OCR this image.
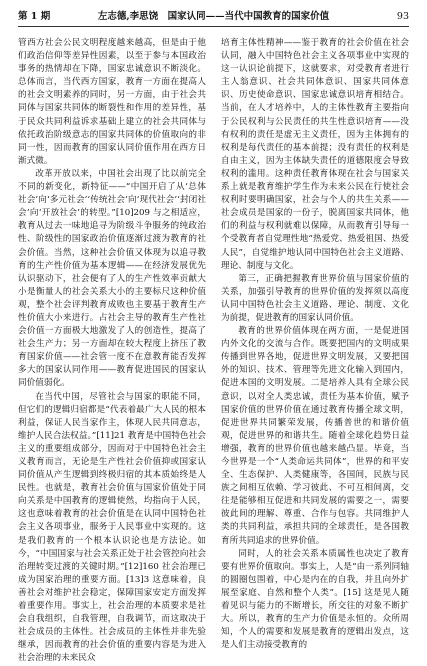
第 1 期	左志德,李思饶　国家认同——当代中国教育的国家价值	93

管西方社会公民文明程度越来越高，但是由于他们政治信仰等差异性因素，以至于参与本国政治事务的热情却在下降，国家忠诚意识不断淡化。总体而言，当代西方国家，教育一方面在提高人的社会文明素养的同时，另一方面，由于社会共同体与国家共同体的断裂性和作用的差异性，基于民众共同利益诉求基础上建立的社会共同体与依托政治阶级意志的国家共同体的价值取向的非同一性，因而教育的国家认同价值作用在西方日渐式微。

改革开放以来，中国社会出现了比以前完全不同的新变化，新特征——“中国开启了从‘总体社会’向‘多元社会’‘传统社会’向‘现代社会’‘封闭社会’向‘开放社会’的转型。”[10]209 与之相适应，教育从过去一味地追寻为阶级斗争服务的纯政治性、阶级性的国家政治价值逐渐过渡为教育的社会价值。当然，这种社会价值又体现为以追寻教育的生产性价值为基本逻辑——在经济发展优先认识驱动下，社会便有了人的生产性效率贡献大小是衡量人的社会关系大小的主要标尺这种价值观，整个社会评判教育成败也主要基于教育生产性价值大小来进行。占社会主导的教育生产性社会价值一方面极大地激发了人的创造性，提高了社会生产力；另一方面却在较大程度上挤压了教育国家价值——社会管一度不在意教育能否发挥多大的国家认同作用——教育促进国民的国家认同价值弱化。

在当代中国，尽管社会与国家的职能不同，但它们的逻辑归宿都是“代表着最广大人民的根本利益，保证人民当家作主，体现人民共同意志，维护人民合法权益。”[11]21 教育是中国特色社会主义的重要组成部分，因而对于中国特色社会主义教育而言，无论是生产性社会价值抑或国家认同价值从产生逻辑到终极归宿的其本质始终是人民性。也就是，教育社会价值与国家价值处于同向关系是中国教育的逻辑使然，均指向于人民，这也意味着教育的社会价值是在认同中国特色社会主义各项事业，服务于人民事业中实现的。这是我们教育的一个根本认识论也是方法论。如今，“中国国家与社会关系正处于社会管控向社会治理转变过渡的关键时期。”[12]160 社会治理已成为国家治理的重要方面。[13]3 这意味着，良善社会对维护社会稳定，保障国家安定方面发挥着重要作用。事实上，社会治理的本质要求是社会自我组织，自我管理，自我调节，而这取决于社会成员的主体性。社会成员的主体性并非先验继承，因而教育的社会价值的重要内容是为进入社会治理的未来民众

培育主体性精神——鉴于教育的社会价值在社会认同，融入中国特色社会主义各项事业中实现的这一认识论前提下，这就要求，对受教育者进行主人翁意识、社会共同体意识、国家共同体意识、历史使命意识、国家忠诚意识培育相结合。当前，在人才培养中，人的主体性教育主要指向于公民权利与公民责任的共生性意识培育——没有权利的责任是虚无主义责任，因为主体拥有的权利是每代责任的基本前提；没有责任的权利是自由主义，因为主体缺失责任的道德限度会导致权利的滥用。这种责任教育体现在社会与国家关系上就是教育维护学生作为未来公民在行使社会权利时要明确国家，社会与个人的共生关系——社会成员是国家的一份子，脱离国家共同体，他们的利益与权利就难以保障，从而教育引导每一个受教育者自觉理性地“热爱党、热爱祖国、热爱人民”，自觉维护地认同中国特色社会主义道路、理论、制度与文化。

第三，正确把握教育世界价值与国家价值的关系，加强引导教育的世界价值的发挥须以高度认同中国特色社会主义道路、理论、制度、文化为前提，促进教育的国家认同价值。

教育的世界价值体现在两方面，一是促进国内外文化的交流与合作。既要把国内的文明成果传播到世界各地，促进世界文明发展，又要把国外的知识、技术、管理等先进文化输入到国内，促进本国的文明发展。二是培养人具有全球公民意识，以对全人类忠诚，责任为基本价值，赋予国家价值的世界价值在通过教育传播全球文明，促进世界共同繁荣发展，传播普世的和谐价值观，促进世界的和谐共生。随着全球化趋势日益增强，教育的世界价值也越来越凸显。毕竟，当今世界是一个“人类命运共同体”，世界的和平安全、生态保护、人类健康等，各国间，民族与民族之间相互依赖、学习彼此、不可互相间离，交往是能够相互促进和共同发展的需要之一，需要彼此间的理解、尊重、合作与包容。共同维护人类的共同利益，承担共同的全球责任，是各国教育所共同追求的世界价值。

同时，人的社会关系本质属性也决定了教育要有世界价值取向。事实上，人是“由一系列同轴的圆圈包围着，中心是内在的自我，并且向外扩展至家庭、自然和整个人类”。[15] 这是见人随着见识与能力的不断增长，所交往的对象不断扩大。所以，教育的生产力价值是永恒的。众所周知，个人的需要和发展是教育的逻辑出发点，这是人们主动接受教育的
